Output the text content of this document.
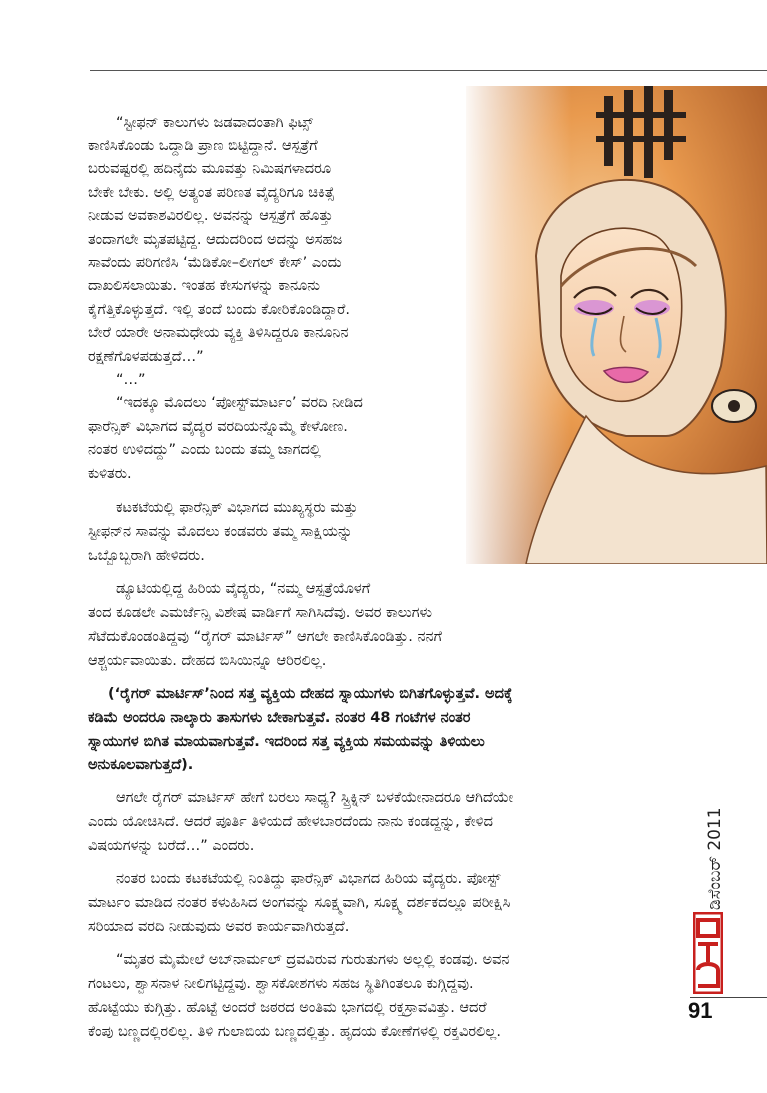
“ಸ್ಟೀಫನ್ ಕಾಲುಗಳು ಜಡವಾದಂತಾಗಿ ಫಿಟ್ಸ್
ಕಾಣಿಸಿಕೊಂಡು ಒದ್ದಾಡಿ ಪ್ರಾಣ ಬಿಟ್ಟಿದ್ದಾನೆ. ಆಸ್ಪತ್ರೆಗೆ
ಬರುವಷ್ಟರಲ್ಲಿ ಹದಿನೈದು ಮೂವತ್ತು ನಿಮಿಷಗಳಾದರೂ
ಬೇಕೇ ಬೇಕು. ಅಲ್ಲಿ ಅತ್ಯಂತ ಪರಿಣತ ವೈದ್ಯರಿಗೂ ಚಿಕಿತ್ಸೆ
ನೀಡುವ ಅವಕಾಶವಿರಲಿಲ್ಲ. ಅವನನ್ನು ಆಸ್ಪತ್ರೆಗೆ ಹೊತ್ತು
ತಂದಾಗಲೇ ಮೃತಪಟ್ಟಿದ್ದ. ಆದುದರಿಂದ ಅದನ್ನು ಅಸಹಜ
ಸಾವೆಂದು ಪರಿಗಣಿಸಿ ‘ಮೆಡಿಕೋ–ಲೀಗಲ್ ಕೇಸ್’ ಎಂದು
ದಾಖಲಿಸಲಾಯಿತು. ಇಂತಹ ಕೇಸುಗಳನ್ನು ಕಾನೂನು
ಕೈಗೆತ್ತಿಕೊಳ್ಳುತ್ತದೆ. ಇಲ್ಲಿ ತಂದೆ ಬಂದು ಕೋರಿಕೊಂಡಿದ್ದಾರೆ.
ಬೇರೆ ಯಾರೇ ಅನಾಮಧೇಯ ವ್ಯಕ್ತಿ ತಿಳಿಸಿದ್ದರೂ ಕಾನೂನಿನ
ರಕ್ಷಣೆಗೊಳಪಡುತ್ತದೆ…”
“…”
“ಇದಕ್ಕೂ ಮೊದಲು ‘ಪೋಸ್ಟ್‌ಮಾರ್ಟಂ’ ವರದಿ ನೀಡಿದ
ಫಾರೆನ್ಸಿಕ್ ವಿಭಾಗದ ವೈದ್ಯರ ವರದಿಯನ್ನೊಮ್ಮೆ ಕೇಳೋಣ.
ನಂತರ ಉಳಿದದ್ದು” ಎಂದು ಬಂದು ತಮ್ಮ ಜಾಗದಲ್ಲಿ
ಕುಳಿತರು.
ಕಟಕಟೆಯಲ್ಲಿ ಫಾರೆನ್ಸಿಕ್ ವಿಭಾಗದ ಮುಖ್ಯಸ್ಥರು ಮತ್ತು
ಸ್ಟೀಫನ್‌ನ ಸಾವನ್ನು ಮೊದಲು ಕಂಡವರು ತಮ್ಮ ಸಾಕ್ಷಿಯನ್ನು
ಒಬ್ಬೊಬ್ಬರಾಗಿ ಹೇಳಿದರು.
ಡ್ಯೂಟಿಯಲ್ಲಿದ್ದ ಹಿರಿಯ ವೈದ್ಯರು, “ನಮ್ಮ ಆಸ್ಪತ್ರೆಯೊಳಗೆ
ತಂದ ಕೂಡಲೇ ಎಮರ್ಜೆನ್ಸಿ ವಿಶೇಷ ವಾರ್ಡಿಗೆ ಸಾಗಿಸಿದೆವು. ಅವರ ಕಾಲುಗಳು
ಸೆಟೆದುಕೊಂಡಂತಿದ್ದವು “ರೈಗರ್ ಮಾರ್ಟಿಸ್” ಆಗಲೇ ಕಾಣಿಸಿಕೊಂಡಿತ್ತು. ನನಗೆ
ಆಶ್ಚರ್ಯವಾಯಿತು. ದೇಹದ ಬಿಸಿಯಿನ್ನೂ ಆರಿರಲಿಲ್ಲ.
(‘ರೈಗರ್ ಮಾರ್ಟಿಸ್’ನಿಂದ ಸತ್ತ ವ್ಯಕ್ತಿಯ ದೇಹದ ಸ್ನಾಯುಗಳು ಬಿಗಿತಗೊಳ್ಳುತ್ತವೆ. ಅದಕ್ಕೆ
ಕಡಿಮೆ ಅಂದರೂ ನಾಲ್ಕಾರು ತಾಸುಗಳು ಬೇಕಾಗುತ್ತವೆ. ನಂತರ 48 ಗಂಟೆಗಳ ನಂತರ
ಸ್ನಾಯುಗಳ ಬಿಗಿತ ಮಾಯವಾಗುತ್ತವೆ. ಇದರಿಂದ ಸತ್ತ ವ್ಯಕ್ತಿಯ ಸಮಯವನ್ನು ತಿಳಿಯಲು
ಅನುಕೂಲವಾಗುತ್ತದೆ).
ಆಗಲೇ ರೈಗರ್ ಮಾರ್ಟಿಸ್ ಹೇಗೆ ಬರಲು ಸಾಧ್ಯ? ಸ್ಟ್ರಿಕ್ನಿನ್ ಬಳಕೆಯೇನಾದರೂ ಆಗಿದೆಯೇ
ಎಂದು ಯೋಚಿಸಿದೆ. ಆದರೆ ಪೂರ್ತಿ ತಿಳಿಯದೆ ಹೇಳಬಾರದೆಂದು ನಾನು ಕಂಡದ್ದನ್ನು, ಕೇಳಿದ
ವಿಷಯಗಳನ್ನು ಬರೆದೆ…” ಎಂದರು.
ನಂತರ ಬಂದು ಕಟಕಟೆಯಲ್ಲಿ ನಿಂತಿದ್ದು ಫಾರೆನ್ಸಿಕ್ ವಿಭಾಗದ ಹಿರಿಯ ವೈದ್ಯರು. ಪೋಸ್ಟ್
ಮಾರ್ಟಂ ಮಾಡಿದ ನಂತರ ಕಳುಹಿಸಿದ ಅಂಗವನ್ನು ಸೂಕ್ಷ್ಮವಾಗಿ, ಸೂಕ್ಷ್ಮ ದರ್ಶಕದಲ್ಲೂ ಪರೀಕ್ಷಿಸಿ
ಸರಿಯಾದ ವರದಿ ನೀಡುವುದು ಅವರ ಕಾರ್ಯವಾಗಿರುತ್ತದೆ.
“ಮೃತರ ಮೈಮೇಲೆ ಅಬ್‌ನಾರ್ಮಲ್ ದ್ರವವಿರುವ ಗುರುತುಗಳು ಅಲ್ಲಲ್ಲಿ ಕಂಡವು. ಅವನ
ಗಂಟಲು, ಶ್ವಾಸನಾಳ ನೀಲಿಗಟ್ಟಿದ್ದವು. ಶ್ವಾಸಕೋಶಗಳು ಸಹಜ ಸ್ಥಿತಿಗಿಂತಲೂ ಕುಗ್ಗಿದ್ದವು.
ಹೊಟ್ಟೆಯು ಕುಗ್ಗಿತ್ತು. ಹೊಟ್ಟೆ ಅಂದರೆ ಜಠರದ ಅಂತಿಮ ಭಾಗದಲ್ಲಿ ರಕ್ತಸ್ರಾವವಿತ್ತು. ಆದರೆ
ಕೆಂಪು ಬಣ್ಣದಲ್ಲಿರಲಿಲ್ಲ. ತಿಳಿ ಗುಲಾಬಿಯ ಬಣ್ಣದಲ್ಲಿತ್ತು. ಹೃದಯ ಕೋಣೆಗಳಲ್ಲಿ ರಕ್ತವಿರಲಿಲ್ಲ.
ಡಿಸೆಂಬರ್ 2011
91
